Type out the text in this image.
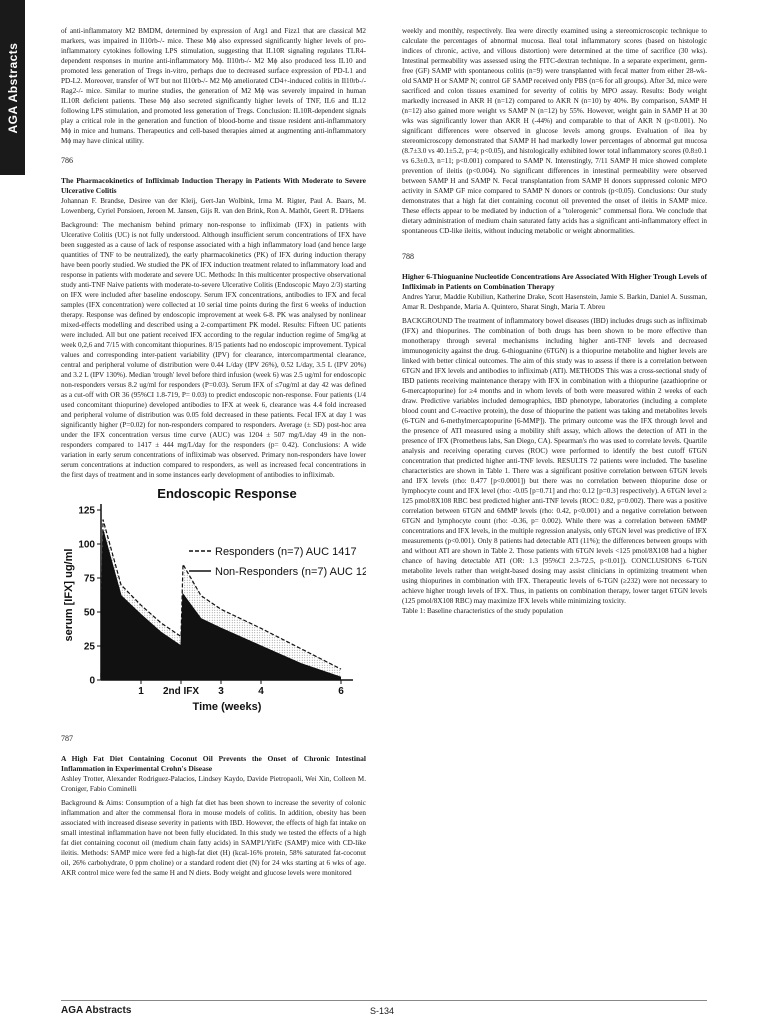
AGA Abstracts

of anti-inflammatory M2 BMDM, determined by expression of Arg1 and Fizz1 that are classical M2 markers, was impaired in Il10rb-/- mice. These Mϕ also expressed significantly higher levels of pro-inflammatory cytokines following LPS stimulation, suggesting that IL10R signaling regulates TLR4-dependent responses in murine anti-inflammatory Mϕ. Il10rb-/- M2 Mϕ also produced less IL10 and promoted less generation of Tregs in-vitro, perhaps due to decreased surface expression of PD-L1 and PD-L2. Moreover, transfer of WT but not Il10rb-/- M2 Mϕ ameliorated CD4+-induced colitis in Il10rb-/-Rag2-/- mice. Similar to murine studies, the generation of M2 Mϕ was severely impaired in human IL10R deficient patients. These Mϕ also secreted significantly higher levels of TNF, IL6 and IL12 following LPS stimulation, and promoted less generation of Tregs. Conclusion: IL10R-dependent signals play a critical role in the generation and function of blood-borne and tissue resident anti-inflammatory Mϕ in mice and humans. Therapeutics and cell-based therapies aimed at augmenting anti-inflammatory Mϕ may have clinical utility.

786

The Pharmacokinetics of Infliximab Induction Therapy in Patients With Moderate to Severe Ulcerative Colitis

Johannan F. Brandse, Desiree van der Kleij, Gert-Jan Wolbink, Irma M. Rigter, Paul A. Baars, M. Lowenberg, Cyriel Ponsioen, Jeroen M. Jansen, Gijs R. van den Brink, Ron A. Mathôt, Geert R. D'Haens

Background: The mechanism behind primary non-response to infliximab (IFX) in patients with Ulcerative Colitis (UC) is not fully understood. Although insufficient serum concentrations of IFX have been suggested as a cause of lack of response associated with a high inflammatory load (and hence large quantities of TNF to be neutralized), the early pharmacokinetics (PK) of IFX during induction therapy have been poorly studied. We studied the PK of IFX induction treatment related to inflammatory load and response in patients with moderate and severe UC. Methods: In this multicenter prospective observational study anti-TNF Naive patients with moderate-to-severe Ulcerative Colitis (Endoscopic Mayo 2/3) starting on IFX were included after baseline endoscopy. Serum IFX concentrations, antibodies to IFX and fecal samples (IFX concentration) were collected at 10 serial time points during the first 6 weeks of induction therapy. Response was defined by endoscopic improvement at week 6-8. PK was analysed by nonlinear mixed-effects modelling and described using a 2-compartiment PK model. Results: Fifteen UC patients were included. All but one patient received IFX according to the regular induction regime of 5mg/kg at week 0,2,6 and 7/15 with concomitant thiopurines. 8/15 patients had no endoscopic improvement. Typical values and corresponding inter-patient variability (IPV) for clearance, intercompartmental clearance, central and peripheral volume of distribution were 0.44 L/day (IPV 26%), 0.52 L/day, 3.5 L (IPV 20%) and 3.2 L (IPV 130%). Median 'trough' level before third infusion (week 6) was 2.5 ug/ml for endoscopic non-responders versus 8.2 ug/ml for responders (P=0.03). Serum IFX of ≤7ug/ml at day 42 was defined as a cut-off with OR 36 (95%CI 1.8-719, P= 0.03) to predict endoscopic non-response. Four patients (1/4 used concomitant thiopurine) developed antibodies to IFX at week 6, clearance was 4.4 fold increased and peripheral volume of distribution was 0.05 fold decreased in these patients. Fecal IFX at day 1 was significantly higher (P=0.02) for non-responders compared to responders. Average (± SD) post-hoc area under the IFX concentration versus time curve (AUC) was 1204 ± 507 mg/L/day 49 in the non-responders compared to 1417 ± 444 mg/L/day for the responders (p= 0.42). Conclusions: A wide variation in early serum concentrations of infliximab was observed. Primary non-responders have lower serum concentrations at induction compared to responders, as well as increased fecal concentrations in the first days of treatment and in some instances early development of antibodies to infliximab.

0
25
50
75
100
125
1 2nd IFX 3	4	6
Endoscopic Response
Time (weeks)
serum [IFX] ug/ml	Responders (n=7) AUC 1417
Non-Responders (n=7) AUC 1204
787

A High Fat Diet Containing Coconut Oil Prevents the Onset of Chronic Intestinal Inflammation in Experimental Crohn's Disease

Ashley Trotter, Alexander Rodriguez-Palacios, Lindsey Kaydo, Davide Pietropaoli, Wei Xin, Colleen M. Croniger, Fabio Cominelli

Background & Aims: Consumption of a high fat diet has been shown to increase the severity of colonic inflammation and alter the commensal flora in mouse models of colitis. In addition, obesity has been associated with increased disease severity in patients with IBD. However, the effects of high fat intake on small intestinal inflammation have not been fully elucidated. In this study we tested the effects of a high fat diet containing coconut oil (medium chain fatty acids) in SAMP1/YitFc (SAMP) mice with CD-like ileitis. Methods: SAMP mice were fed a high-fat diet (H) (kcal-16% protein, 58% saturated fat-coconut oil, 26% carbohydrate, 0 ppm choline) or a standard rodent diet (N) for 24 wks starting at 6 wks of age. AKR control mice were fed the same H and N diets. Body weight and glucose levels were monitored

weekly and monthly, respectively. Ilea were directly examined using a stereomicroscopic technique to calculate the percentages of abnormal mucosa. Ileal total inflammatory scores (based on histologic indices of chronic, active, and villous distortion) were determined at the time of sacrifice (30 wks). Intestinal permeability was assessed using the FITC-dextran technique. In a separate experiment, germ-free (GF) SAMP with spontaneous colitis (n=9) were transplanted with fecal matter from either 28-wk-old SAMP H or SAMP N; control GF SAMP received only PBS (n=6 for all groups). After 3d, mice were sacrificed and colon tissues examined for severity of colitis by MPO assay. Results: Body weight markedly increased in AKR H (n=12) compared to AKR N (n=10) by 40%. By comparison, SAMP H (n=12) also gained more weight vs SAMP N (n=12) by 55%. However, weight gain in SAMP H at 30 wks was significantly lower than AKR H (-44%) and comparable to that of AKR N (p<0.001). No significant differences were observed in glucose levels among groups. Evaluation of ilea by stereomicroscopy demonstrated that SAMP H had markedly lower percentages of abnormal gut mucosa (8.7±3.0 vs 40.1±5.2, p=4; p<0.05), and histologically exhibited lower total inflammatory scores (0.8±0.1 vs 6.3±0.3, n=11; p<0.001) compared to SAMP N. Interestingly, 7/11 SAMP H mice showed complete prevention of ileitis (p<0.004). No significant differences in intestinal permeability were observed between SAMP H and SAMP N. Fecal transplantation from SAMP H donors suppressed colonic MPO activity in SAMP GF mice compared to SAMP N donors or controls (p<0.05). Conclusions: Our study demonstrates that a high fat diet containing coconut oil prevented the onset of ileitis in SAMP mice. These effects appear to be mediated by induction of a "tolerogenic" commensal flora. We conclude that dietary administration of medium chain saturated fatty acids has a significant anti-inflammatory effect in spontaneous CD-like ileitis, without inducing metabolic or weight abnormalities.

788

Higher 6-Thioguanine Nucleotide Concentrations Are Associated With Higher Trough Levels of Infliximab in Patients on Combination Therapy

Andres Yarur, Maddie Kubiliun, Katherine Drake, Scott Hasenstein, Jamie S. Barkin, Daniel A. Sussman, Amar R. Deshpande, Maria A. Quintero, Sharat Singh, Maria T. Abreu

BACKGROUND The treatment of inflammatory bowel diseases (IBD) includes drugs such as infliximab (IFX) and thiopurines. The combination of both drugs has been shown to be more effective than monotherapy through several mechanisms including higher anti-TNF levels and decreased immunogenicity against the drug. 6-thioguanine (6TGN) is a thiopurine metabolite and higher levels are linked with better clinical outcomes. The aim of this study was to assess if there is a correlation between 6TGN and IFX levels and antibodies to infliximab (ATI). METHODS This was a cross-sectional study of IBD patients receiving maintenance therapy with IFX in combination with a thiopurine (azathioprine or 6-mercaptopurine) for ≥4 months and in whom levels of both were measured within 2 weeks of each draw. Predictive variables included demographics, IBD phenotype, laboratories (including a complete blood count and C-reactive protein), the dose of thiopurine the patient was taking and metabolites levels (6-TGN and 6-methylmercaptopurine [6-MMP]). The primary outcome was the IFX through level and the presence of ATI measured using a mobility shift assay, which allows the detection of ATI in the presence of IFX (Prometheus labs, San Diego, CA). Spearman's rho was used to correlate levels. Quartile analysis and receiving operating curves (ROC) were performed to identify the best cutoff 6TGN concentration that predicted higher anti-TNF levels. RESULTS 72 patients were included. The baseline characteristics are shown in Table 1. There was a significant positive correlation between 6TGN levels and IFX levels (rho: 0.477 [p<0.0001]) but there was no correlation between thiopurine dose or lymphocyte count and IFX level (rho: -0.05 [p=0.71] and rho: 0.12 [p=0.3] respectively). A 6TGN level ≥ 125 pmol/8X108 RBC best predicted higher anti-TNF levels (ROC: 0.82, p=0.002). There was a positive correlation between 6TGN and 6MMP levels (rho: 0.42, p<0.001) and a negative correlation between 6TGN and lymphocyte count (rho: -0.36, p= 0.002). While there was a correlation between 6MMP concentrations and IFX levels, in the multiple regression analysis, only 6TGN level was predictive of IFX measurements (p<0.001). Only 8 patients had detectable ATI (11%); the differences between groups with and without ATI are shown in Table 2. Those patients with 6TGN levels <125 pmol/8X108 had a higher chance of having detectable ATI (OR: 1.3 [95%CI 2.3-72.5, p<0.01]). CONCLUSIONS 6-TGN metabolite levels rather than weight-based dosing may assist clinicians in optimizing treatment when using thiopurines in combination with IFX. Therapeutic levels of 6-TGN (≥232) were not necessary to achieve higher trough levels of IFX. Thus, in patients on combination therapy, lower target 6TGN levels (125 pmol/8X108 RBC) may maximize IFX levels while minimizing toxicity.

Table 1: Baseline characteristics of the study population

AGA Abstracts	S-134
